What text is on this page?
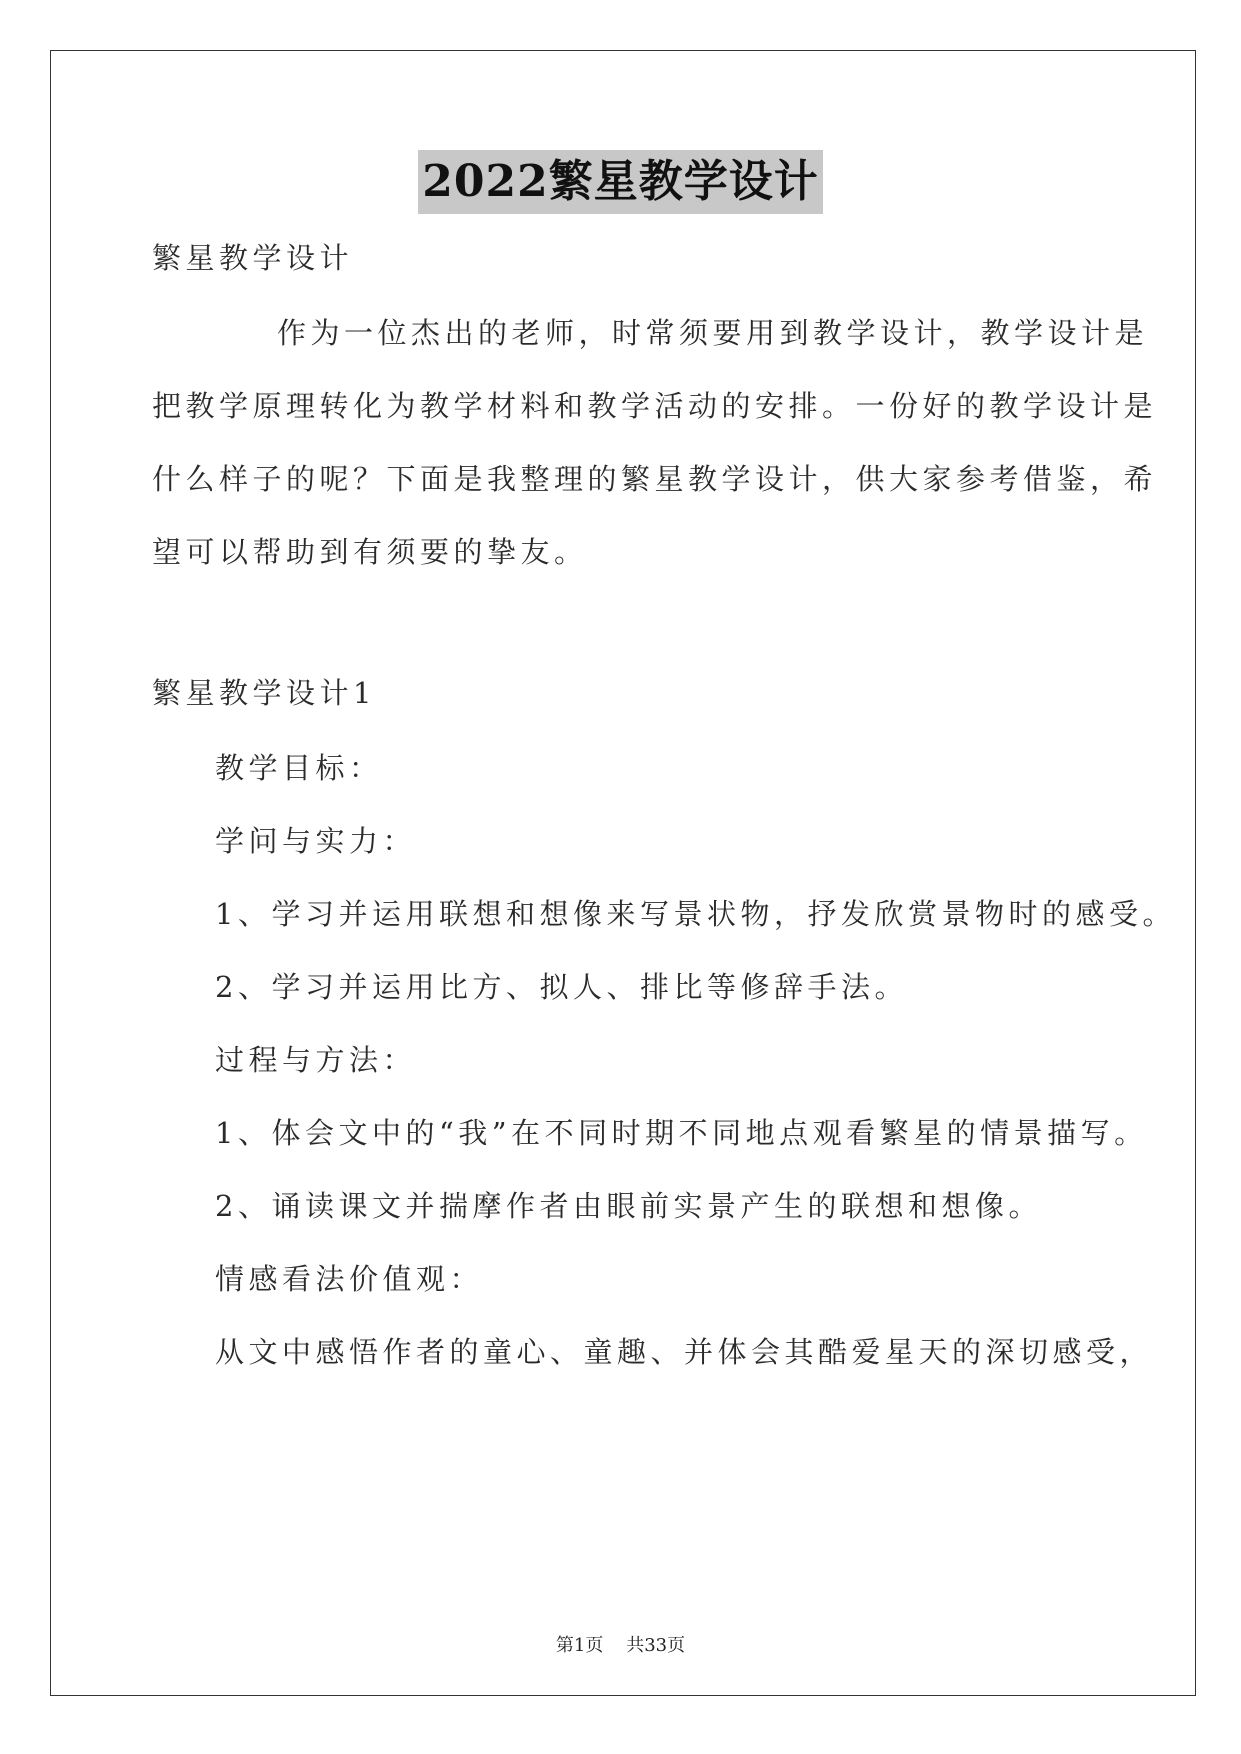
2022繁星教学设计
繁星教学设计
作为一位杰出的老师，时常须要用到教学设计，教学设计是
把教学原理转化为教学材料和教学活动的安排。一份好的教学设计是
什么样子的呢？下面是我整理的繁星教学设计，供大家参考借鉴，希
望可以帮助到有须要的挚友。
繁星教学设计1
教学目标：
学问与实力：
1、学习并运用联想和想像来写景状物，抒发欣赏景物时的感受。
2、学习并运用比方、拟人、排比等修辞手法。
过程与方法：
1、体会文中的“我”在不同时期不同地点观看繁星的情景描写。
2、诵读课文并揣摩作者由眼前实景产生的联想和想像。
情感看法价值观：
从文中感悟作者的童心、童趣、并体会其酷爱星天的深切感受，
第1页    共33页
